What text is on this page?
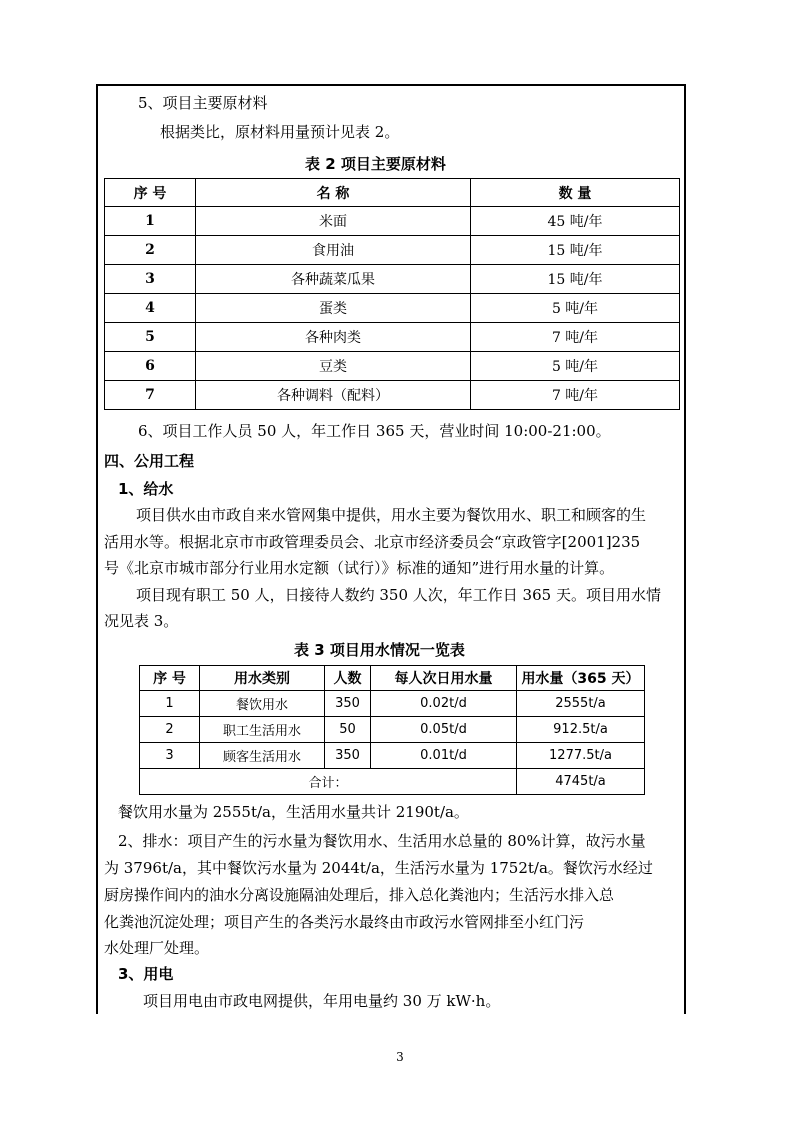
5、项目主要原材料
根据类比，原材料用量预计见表 2。
表 2 项目主要原材料
序 号	名 称	数 量
1	米面	45 吨/年
2	食用油	15 吨/年
3	各种蔬菜瓜果	15 吨/年
4	蛋类	5 吨/年
5	各种肉类	7 吨/年
6	豆类	5 吨/年
7	各种调料（配料）	7 吨/年
6、项目工作人员 50 人，年工作日 365 天，营业时间 10:00-21:00。
四、公用工程
1、给水
项目供水由市政自来水管网集中提供，用水主要为餐饮用水、职工和顾客的生
活用水等。根据北京市市政管理委员会、北京市经济委员会“京政管字[2001]235
号《北京市城市部分行业用水定额（试行）》标准的通知”进行用水量的计算。
项目现有职工 50 人，日接待人数约 350 人次，年工作日 365 天。项目用水情
况见表 3。
表 3 项目用水情况一览表
序 号	用水类别	人数	每人次日用水量	用水量（365 天）
1	餐饮用水	350	0.02t/d	2555t/a
2	职工生活用水	50	0.05t/d	912.5t/a
3	顾客生活用水	350	0.01t/d	1277.5t/a
合计：				4745t/a
餐饮用水量为 2555t/a，生活用水量共计 2190t/a。
2、排水：项目产生的污水量为餐饮用水、生活用水总量的 80%计算，故污水量
为 3796t/a，其中餐饮污水量为 2044t/a，生活污水量为 1752t/a。餐饮污水经过
厨房操作间内的油水分离设施隔油处理后，排入总化粪池内；生活污水排入总
化粪池沉淀处理；项目产生的各类污水最终由市政污水管网排至小红门污
水处理厂处理。
3、用电
项目用电由市政电网提供，年用电量约 30 万 kW·h。
3
